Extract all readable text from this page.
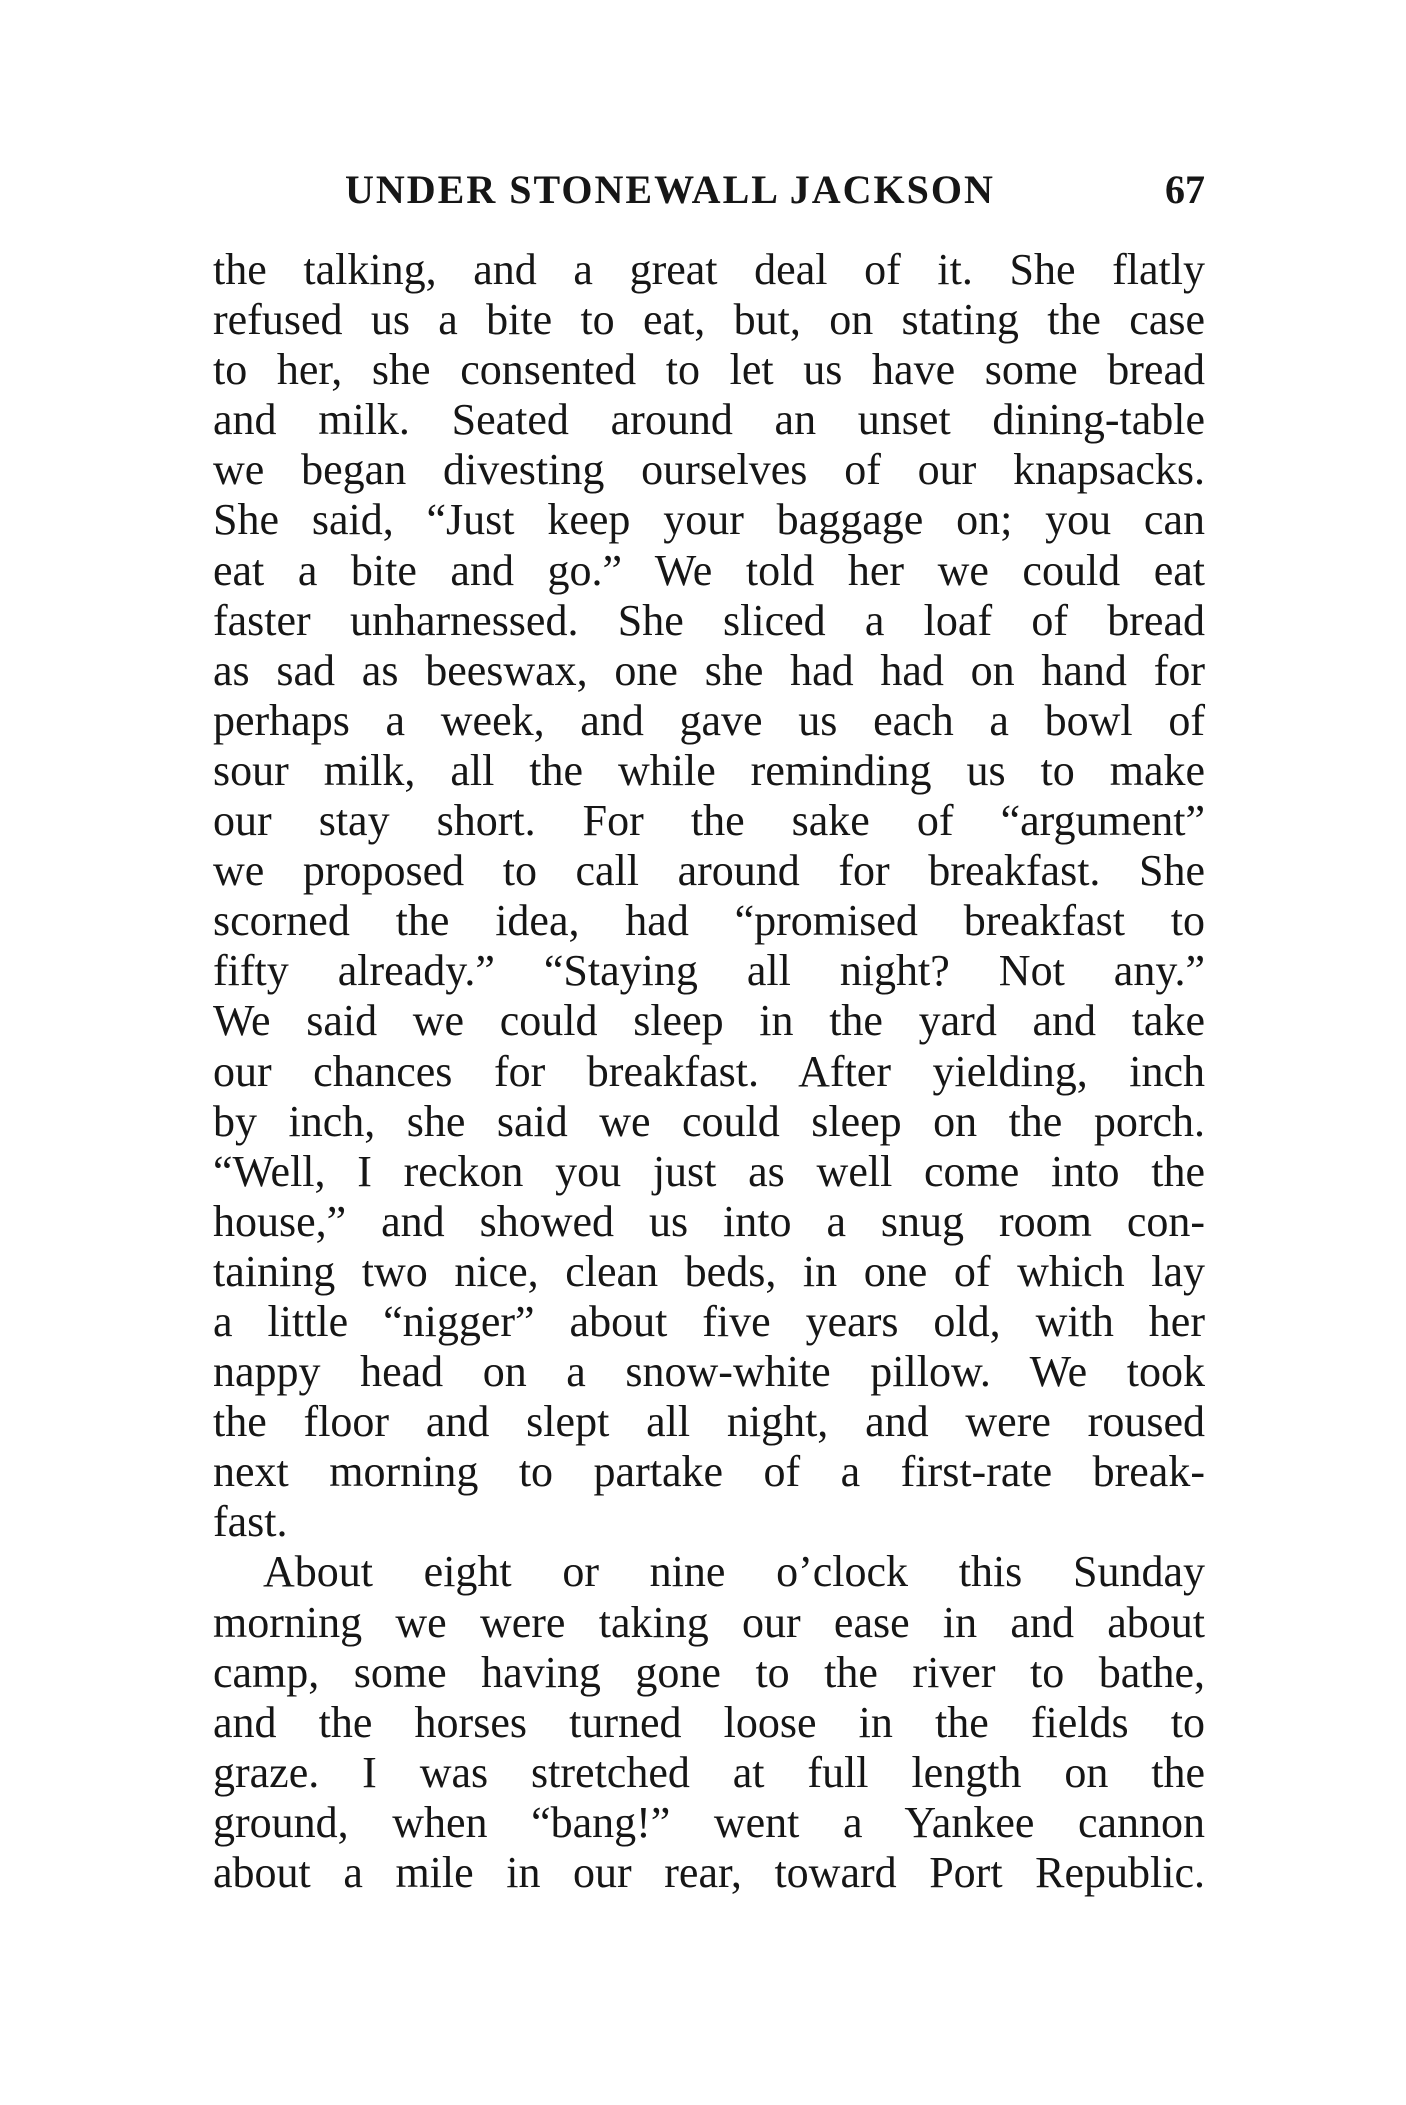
UNDER STONEWALL JACKSON	67
the talking, and a great deal of it. She flatly
refused us a bite to eat, but, on stating the case
to her, she consented to let us have some bread
and milk. Seated around an unset dining-table
we began divesting ourselves of our knapsacks.
She said, “Just keep your baggage on; you can
eat a bite and go.” We told her we could eat
faster unharnessed. She sliced a loaf of bread
as sad as beeswax, one she had had on hand for
perhaps a week, and gave us each a bowl of
sour milk, all the while reminding us to make
our stay short. For the sake of “argument”
we proposed to call around for breakfast. She
scorned the idea, had “promised breakfast to
fifty already.” “Staying all night? Not any.”
We said we could sleep in the yard and take
our chances for breakfast. After yielding, inch
by inch, she said we could sleep on the porch.
“Well, I reckon you just as well come into the
house,” and showed us into a snug room con-
taining two nice, clean beds, in one of which lay
a little “nigger” about five years old, with her
nappy head on a snow-white pillow. We took
the floor and slept all night, and were roused
next morning to partake of a first-rate break-
fast.
About eight or nine o’clock this Sunday
morning we were taking our ease in and about
camp, some having gone to the river to bathe,
and the horses turned loose in the fields to
graze. I was stretched at full length on the
ground, when “bang!” went a Yankee cannon
about a mile in our rear, toward Port Republic.
